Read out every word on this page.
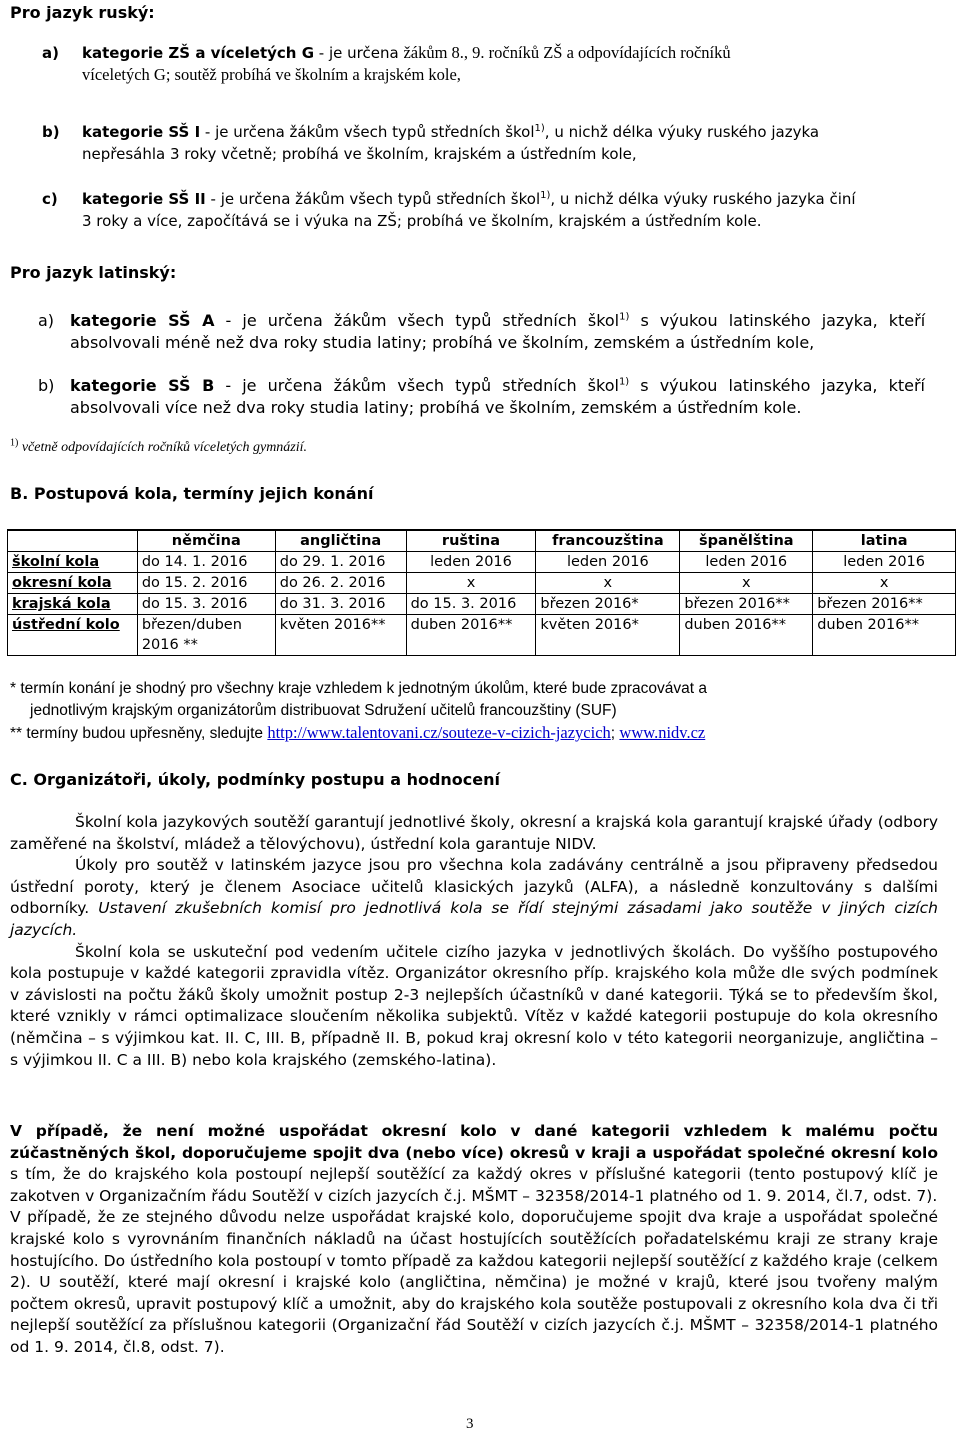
Pro jazyk ruský:
a) kategorie ZŠ a víceletých G - je určena žákům 8., 9. ročníků ZŠ a odpovídajících ročníků
víceletých G; soutěž probíhá ve školním a krajském kole,
b) kategorie SŠ I - je určena žákům všech typů středních škol$^{1)}$, u nichž délka výuky ruského jazyka
nepřesáhla 3 roky včetně; probíhá ve školním, krajském a ústředním kole,
c) kategorie SŠ II - je určena žákům všech typů středních škol$^{1)}$, u nichž délka výuky ruského jazyka činí
3 roky a více, započítává se i výuka na ZŠ; probíhá ve školním, krajském a ústředním kole.
Pro jazyk latinský:
a) kategorie SŠ A - je určena žákům všech typů středních škol$^{1)}$ s výukou latinského jazyka, kteří
absolvovali méně než dva roky studia latiny; probíhá ve školním, zemském a ústředním kole,
b) kategorie SŠ B - je určena žákům všech typů středních škol$^{1)}$ s výukou latinského jazyka, kteří
absolvovali více než dva roky studia latiny; probíhá ve školním, zemském a ústředním kole.
$^{1)}$ včetně odpovídajících ročníků víceletých gymnázií.
B. Postupová kola, termíny jejich konání
	němčina	angličtina	ruština	francouzština	španělština	latina
školní kola	do 14. 1. 2016	do 29. 1. 2016	leden 2016	leden 2016	leden 2016	leden 2016
okresní kola	do 15. 2. 2016	do 26. 2. 2016	x	x	x	x
krajská kola	do 15. 3. 2016	do 31. 3. 2016	do 15. 3. 2016	březen 2016*	březen 2016**	březen 2016**
ústřední kolo	březen/duben 2016 **	květen 2016**	duben 2016**	květen 2016*	duben 2016**	duben 2016**
* termín konání je shodný pro všechny kraje vzhledem k jednotným úkolům, které bude zpracovávat a
jednotlivým krajským organizátorům distribuovat Sdružení učitelů francouzštiny (SUF)
** termíny budou upřesněny, sledujte http://www.talentovani.cz/souteze-v-cizich-jazycich; www.nidv.cz
C. Organizátoři, úkoly, podmínky postupu a hodnocení

Školní kola jazykových soutěží garantují jednotlivé školy, okresní a krajská kola garantují krajské úřady (odbory zaměřené na školství, mládež a tělovýchovu), ústřední kola garantuje NIDV.

Úkoly pro soutěž v latinském jazyce jsou pro všechna kola zadávány centrálně a jsou připraveny předsedou ústřední poroty, který je členem Asociace učitelů klasických jazyků (ALFA), a následně konzultovány s dalšími odborníky. Ustavení zkušebních komisí pro jednotlivá kola se řídí stejnými zásadami jako soutěže v jiných cizích jazycích.

Školní kola se uskuteční pod vedením učitele cizího jazyka v jednotlivých školách. Do vyššího postupového kola postupuje v každé kategorii zpravidla vítěz. Organizátor okresního příp. krajského kola může dle svých podmínek v závislosti na počtu žáků školy umožnit postup 2-3 nejlepších účastníků v dané kategorii. Týká se to především škol, které vznikly v rámci optimalizace sloučením několika subjektů. Vítěz v každé kategorii postupuje do kola okresního (němčina – s výjimkou kat. II. C, III. B, případně II. B, pokud kraj okresní kolo v této kategorii neorganizuje, angličtina – s výjimkou II. C a III. B) nebo kola krajského (zemského-latina).

V případě, že není možné uspořádat okresní kolo v dané kategorii vzhledem k malému počtu zúčastněných škol, doporučujeme spojit dva (nebo více) okresů v kraji a uspořádat společné okresní kolo s tím, že do krajského kola postoupí nejlepší soutěžící za každý okres v příslušné kategorii (tento postupový klíč je zakotven v Organizačním řádu Soutěží v cizích jazycích č.j. MŠMT – 32358/2014-1 platného od 1. 9. 2014, čl.7, odst. 7).

V případě, že ze stejného důvodu nelze uspořádat krajské kolo, doporučujeme spojit dva kraje a uspořádat společné krajské kolo s vyrovnáním finančních nákladů na účast hostujících soutěžících pořadatelskému kraji ze strany kraje hostujícího. Do ústředního kola postoupí v tomto případě za každou kategorii nejlepší soutěžící z každého kraje (celkem 2). U soutěží, které mají okresní i krajské kolo (angličtina, němčina) je možné v krajů, které jsou tvořeny malým počtem okresů, upravit postupový klíč a umožnit, aby do krajského kola soutěže postupovali z okresního kola dva či tři nejlepší soutěžící za příslušnou kategorii (Organizační řád Soutěží v cizích jazycích č.j. MŠMT – 32358/2014-1 platného od 1. 9. 2014, čl.8, odst. 7).

3
